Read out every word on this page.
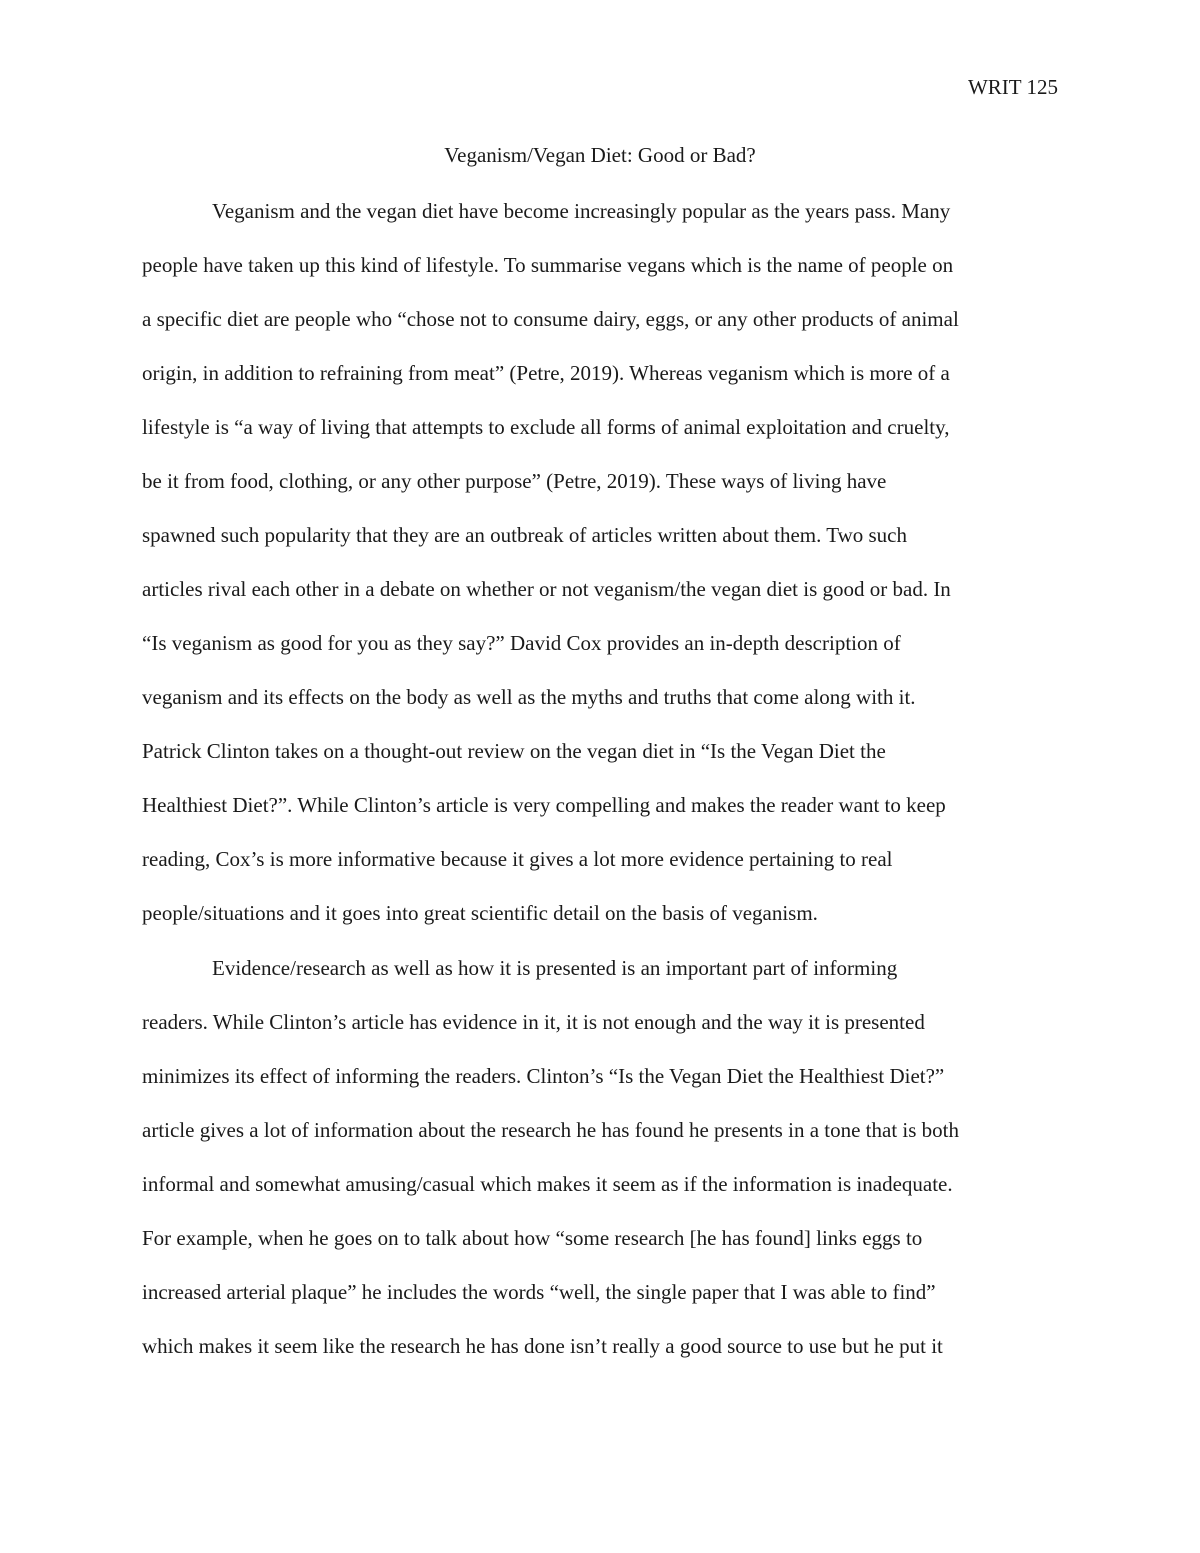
WRIT 125
Veganism/Vegan Diet: Good or Bad?
Veganism and the vegan diet have become increasingly popular as the years pass. Many
people have taken up this kind of lifestyle. To summarise vegans which is the name of people on
a specific diet are people who “chose not to consume dairy, eggs, or any other products of animal
origin, in addition to refraining from meat” (Petre, 2019). Whereas veganism which is more of a
lifestyle is “a way of living that attempts to exclude all forms of animal exploitation and cruelty,
be it from food, clothing, or any other purpose” (Petre, 2019). These ways of living have
spawned such popularity that they are an outbreak of articles written about them. Two such
articles rival each other in a debate on whether or not veganism/the vegan diet is good or bad. In
“Is veganism as good for you as they say?” David Cox provides an in-depth description of
veganism and its effects on the body as well as the myths and truths that come along with it.
Patrick Clinton takes on a thought-out review on the vegan diet in “Is the Vegan Diet the
Healthiest Diet?”. While Clinton’s article is very compelling and makes the reader want to keep
reading, Cox’s is more informative because it gives a lot more evidence pertaining to real
people/situations and it goes into great scientific detail on the basis of veganism.
Evidence/research as well as how it is presented is an important part of informing
readers. While Clinton’s article has evidence in it, it is not enough and the way it is presented
minimizes its effect of informing the readers. Clinton’s “Is the Vegan Diet the Healthiest Diet?”
article gives a lot of information about the research he has found he presents in a tone that is both
informal and somewhat amusing/casual which makes it seem as if the information is inadequate.
For example, when he goes on to talk about how “some research [he has found] links eggs to
increased arterial plaque” he includes the words “well, the single paper that I was able to find”
which makes it seem like the research he has done isn’t really a good source to use but he put it
